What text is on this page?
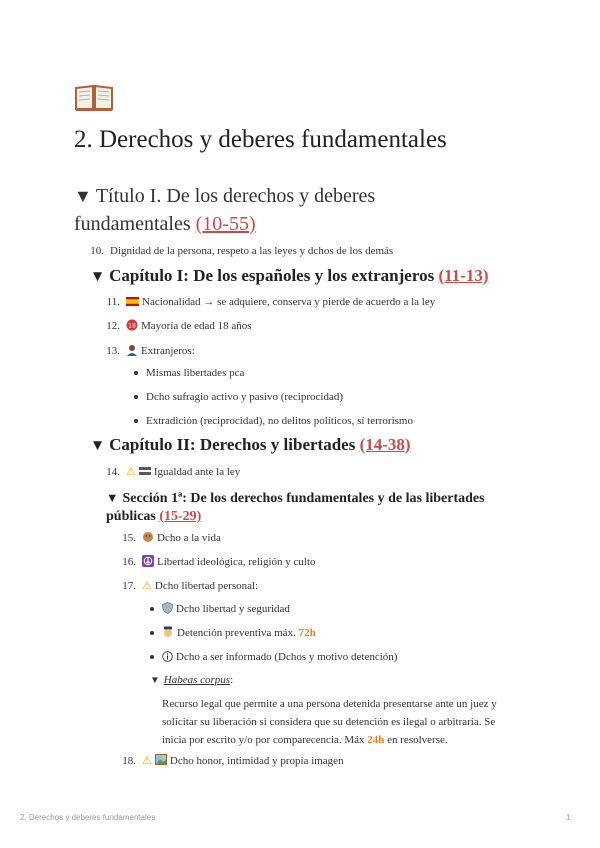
2. Derechos y deberes fundamentales
▼ Título I. De los derechos y deberes
fundamentales (10-55)
10. Dignidad de la persona, respeto a las leyes y dchos de los demás
▼ Capítulo I: De los españoles y los extranjeros (11-13)
11. Nacionalidad → se adquiere, conserva y pierde de acuerdo a la ley
12. 18 Mayoría de edad 18 años
13. Extranjeros:
Mismas libertades pca
Dcho sufragio activo y pasivo (reciprocidad)
Extradición (reciprocidad), no delitos políticos, sí terrorismo
▼ Capítulo II: Derechos y libertades (14-38)
14. ⚠ Igualdad ante la ley
▼ Sección 1ª: De los derechos fundamentales y de las libertades
públicas (15-29)
15. Dcho a la vida
16. Libertad ideológica, religión y culto
17. ⚠ Dcho libertad personal:
Dcho libertad y seguridad
Detención preventiva máx. 72h
Dcho a ser informado (Dchos y motivo detención)
▼ Habeas corpus:
Recurso legal que permite a una persona detenida presentarse ante un juez y
solicitar su liberación si considera que su detención es ilegal o arbitraria. Se
inicia por escrito y/o por comparecencia. Máx 24h en resolverse.
18. ⚠ Dcho honor, intimidad y propia imagen
2. Derechos y deberes fundamentales	1
